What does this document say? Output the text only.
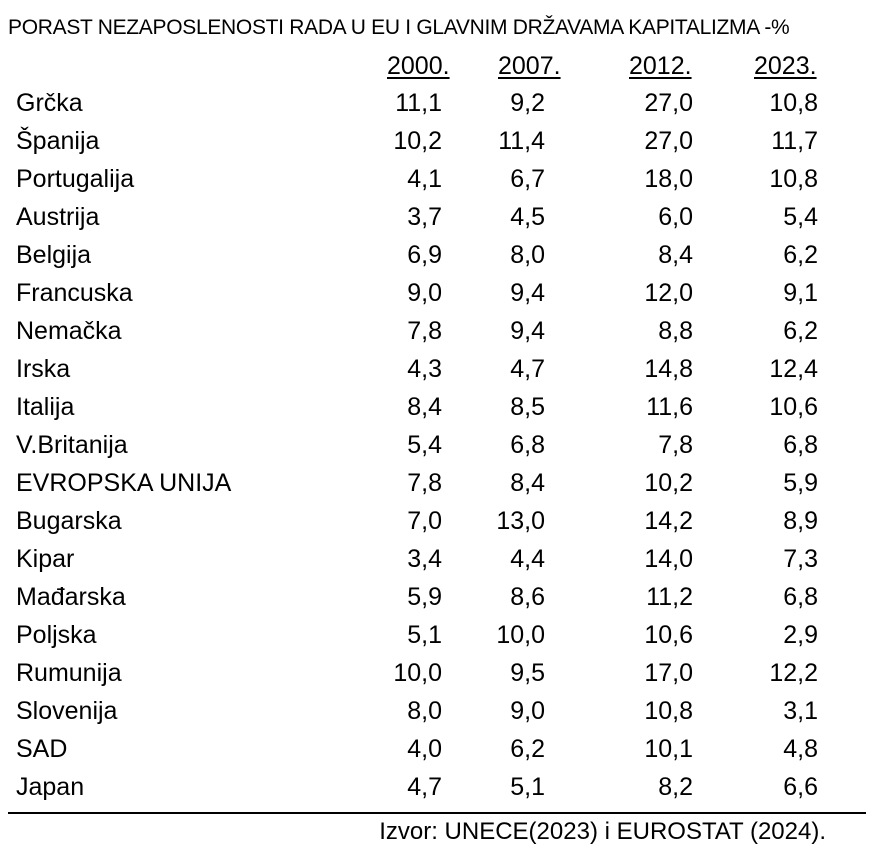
PORAST NEZAPOSLENOSTI RADA U EU I GLAVNIM DRŽAVAMA KAPITALIZMA -%
2000. 2007.	2012. 2023.
Grčka	11,1	9,2	27,0	10,8
Španija	10,2 11,4	27,0	11,7
Portugalija	4,1	6,7	18,0	10,8
Austrija	3,7	4,5	6,0	5,4
Belgija	6,9	8,0	8,4	6,2
Francuska	9,0	9,4	12,0	9,1
Nemačka	7,8	9,4	8,8	6,2
Irska	4,3	4,7	14,8	12,4
Italija	8,4	8,5	11,6	10,6
V.Britanija	5,4	6,8	7,8	6,8
EVROPSKA UNIJA	7,8	8,4	10,2	5,9
Bugarska	7,0 13,0	14,2	8,9
Kipar	3,4	4,4	14,0	7,3
Mađarska	5,9	8,6	11,2	6,8
Poljska	5,1 10,0	10,6	2,9
Rumunija	10,0	9,5	17,0	12,2
Slovenija	8,0	9,0	10,8	3,1
SAD	4,0	6,2	10,1	4,8
Japan	4,7	5,1	8,2	6,6
Izvor: UNECE(2023) i EUROSTAT (2024).
